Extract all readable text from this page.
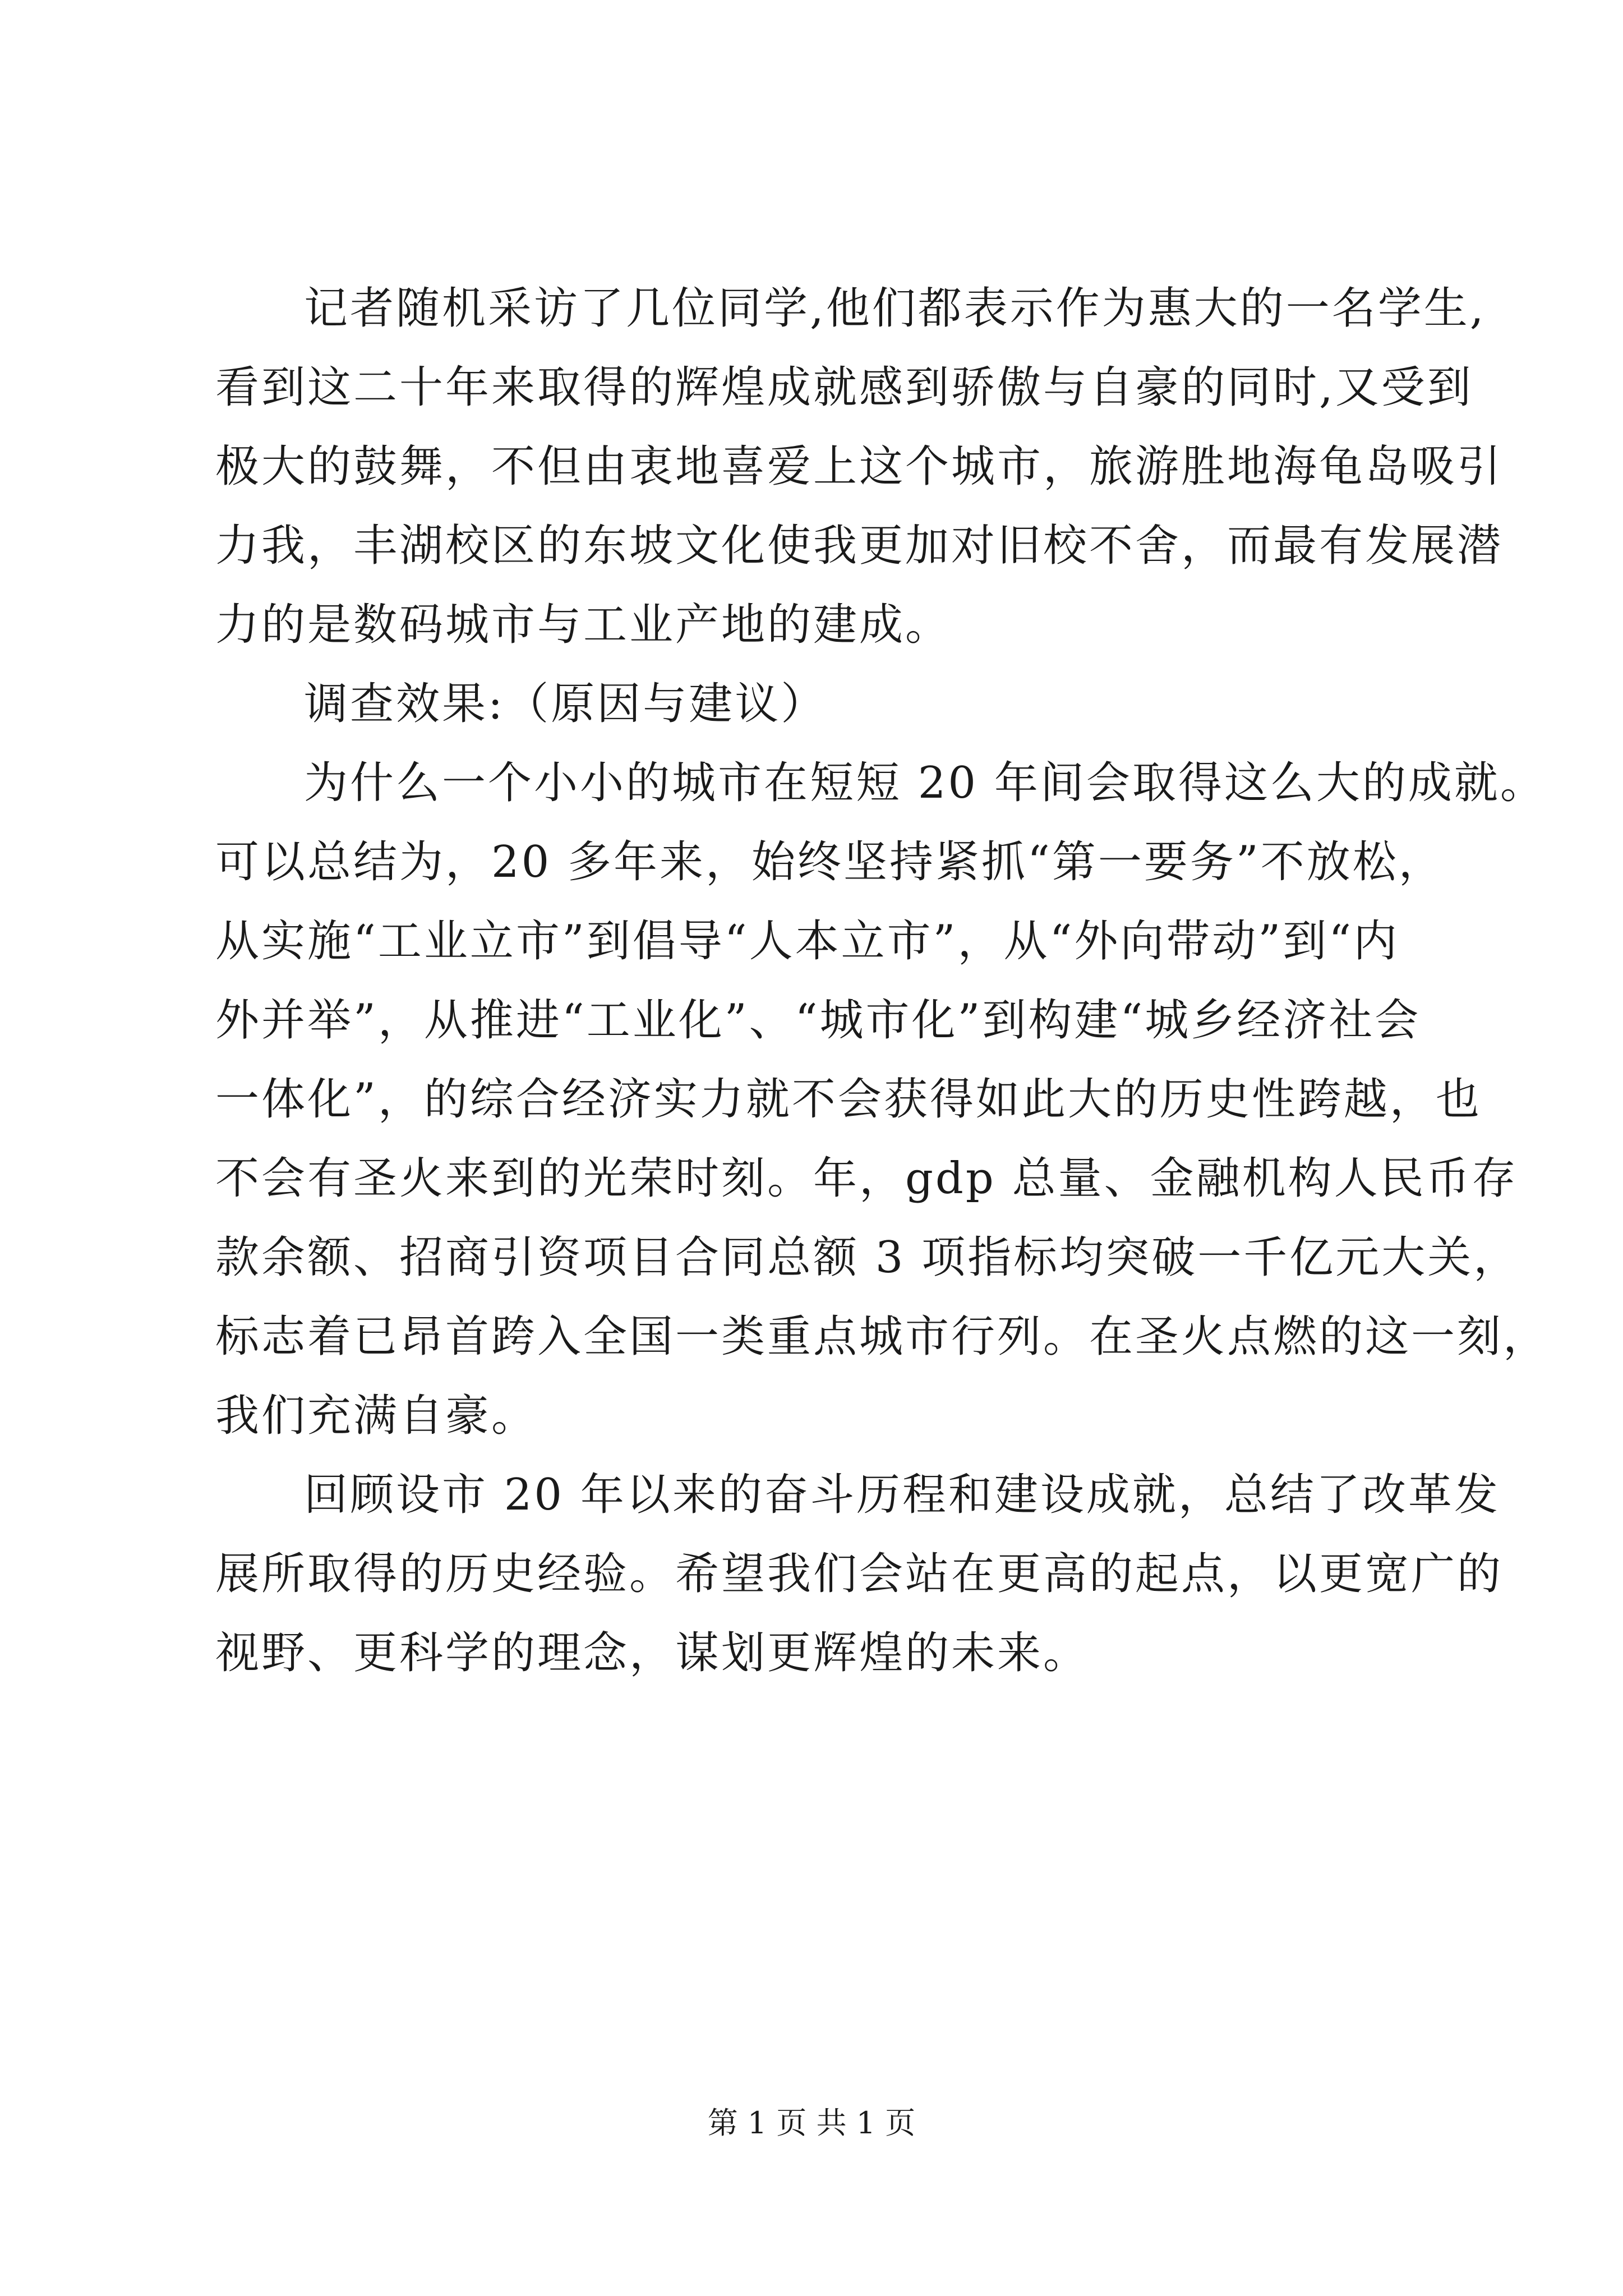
记者随机采访了几位同学,他们都表示作为惠大的一名学生,
看到这二十年来取得的辉煌成就感到骄傲与自豪的同时,又受到
极大的鼓舞，不但由衷地喜爱上这个城市，旅游胜地海龟岛吸引
力我，丰湖校区的东坡文化使我更加对旧校不舍，而最有发展潜
力的是数码城市与工业产地的建成。
调查效果:（原因与建议）
为什么一个小小的城市在短短 20 年间会取得这么大的成就。
可以总结为，20 多年来，始终坚持紧抓“第一要务”不放松，
从实施“工业立市”到倡导“人本立市”，从“外向带动”到“内
外并举”，从推进“工业化”、“城市化”到构建“城乡经济社会
一体化”，的综合经济实力就不会获得如此大的历史性跨越，也
不会有圣火来到的光荣时刻。年，gdp 总量、金融机构人民币存
款余额、招商引资项目合同总额 3 项指标均突破一千亿元大关，
标志着已昂首跨入全国一类重点城市行列。在圣火点燃的这一刻，
我们充满自豪。
回顾设市 20 年以来的奋斗历程和建设成就，总结了改革发
展所取得的历史经验。希望我们会站在更高的起点，以更宽广的
视野、更科学的理念，谋划更辉煌的未来。
第 1 页 共 1 页
